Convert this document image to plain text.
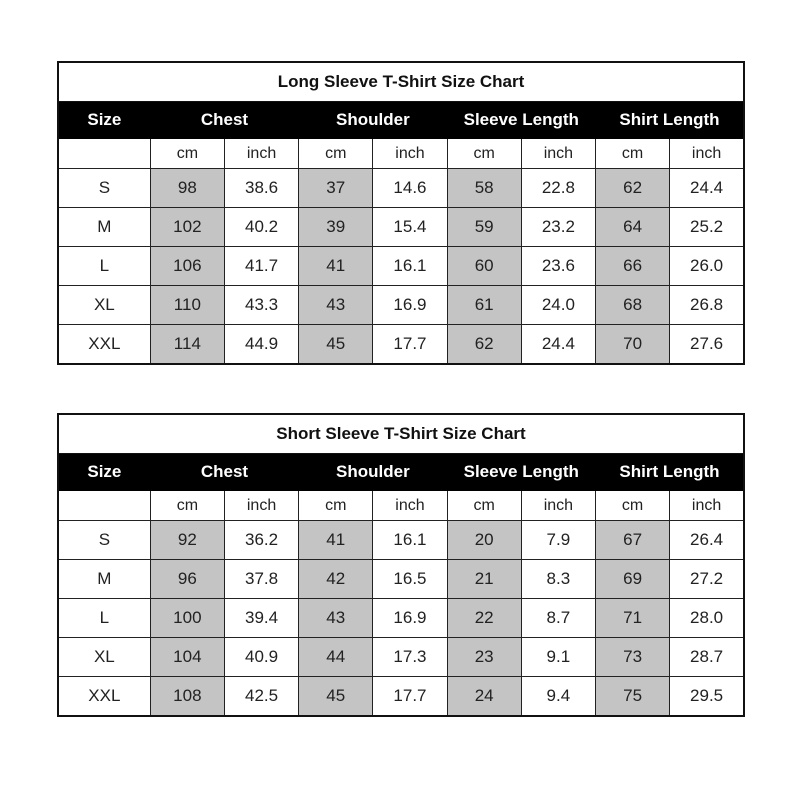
Long Sleeve T-Shirt Size Chart								
Size	Chest		Shoulder		Sleeve Length		Shirt Length	
	cm	inch	cm	inch	cm	inch	cm	inch
S	98	38.6	37	14.6	58	22.8	62	24.4
M	102	40.2	39	15.4	59	23.2	64	25.2
L	106	41.7	41	16.1	60	23.6	66	26.0
XL	110	43.3	43	16.9	61	24.0	68	26.8
XXL	114	44.9	45	17.7	62	24.4	70	27.6
Short Sleeve T-Shirt Size Chart								
Size	Chest		Shoulder		Sleeve Length		Shirt Length	
	cm	inch	cm	inch	cm	inch	cm	inch
S	92	36.2	41	16.1	20	7.9	67	26.4
M	96	37.8	42	16.5	21	8.3	69	27.2
L	100	39.4	43	16.9	22	8.7	71	28.0
XL	104	40.9	44	17.3	23	9.1	73	28.7
XXL	108	42.5	45	17.7	24	9.4	75	29.5
